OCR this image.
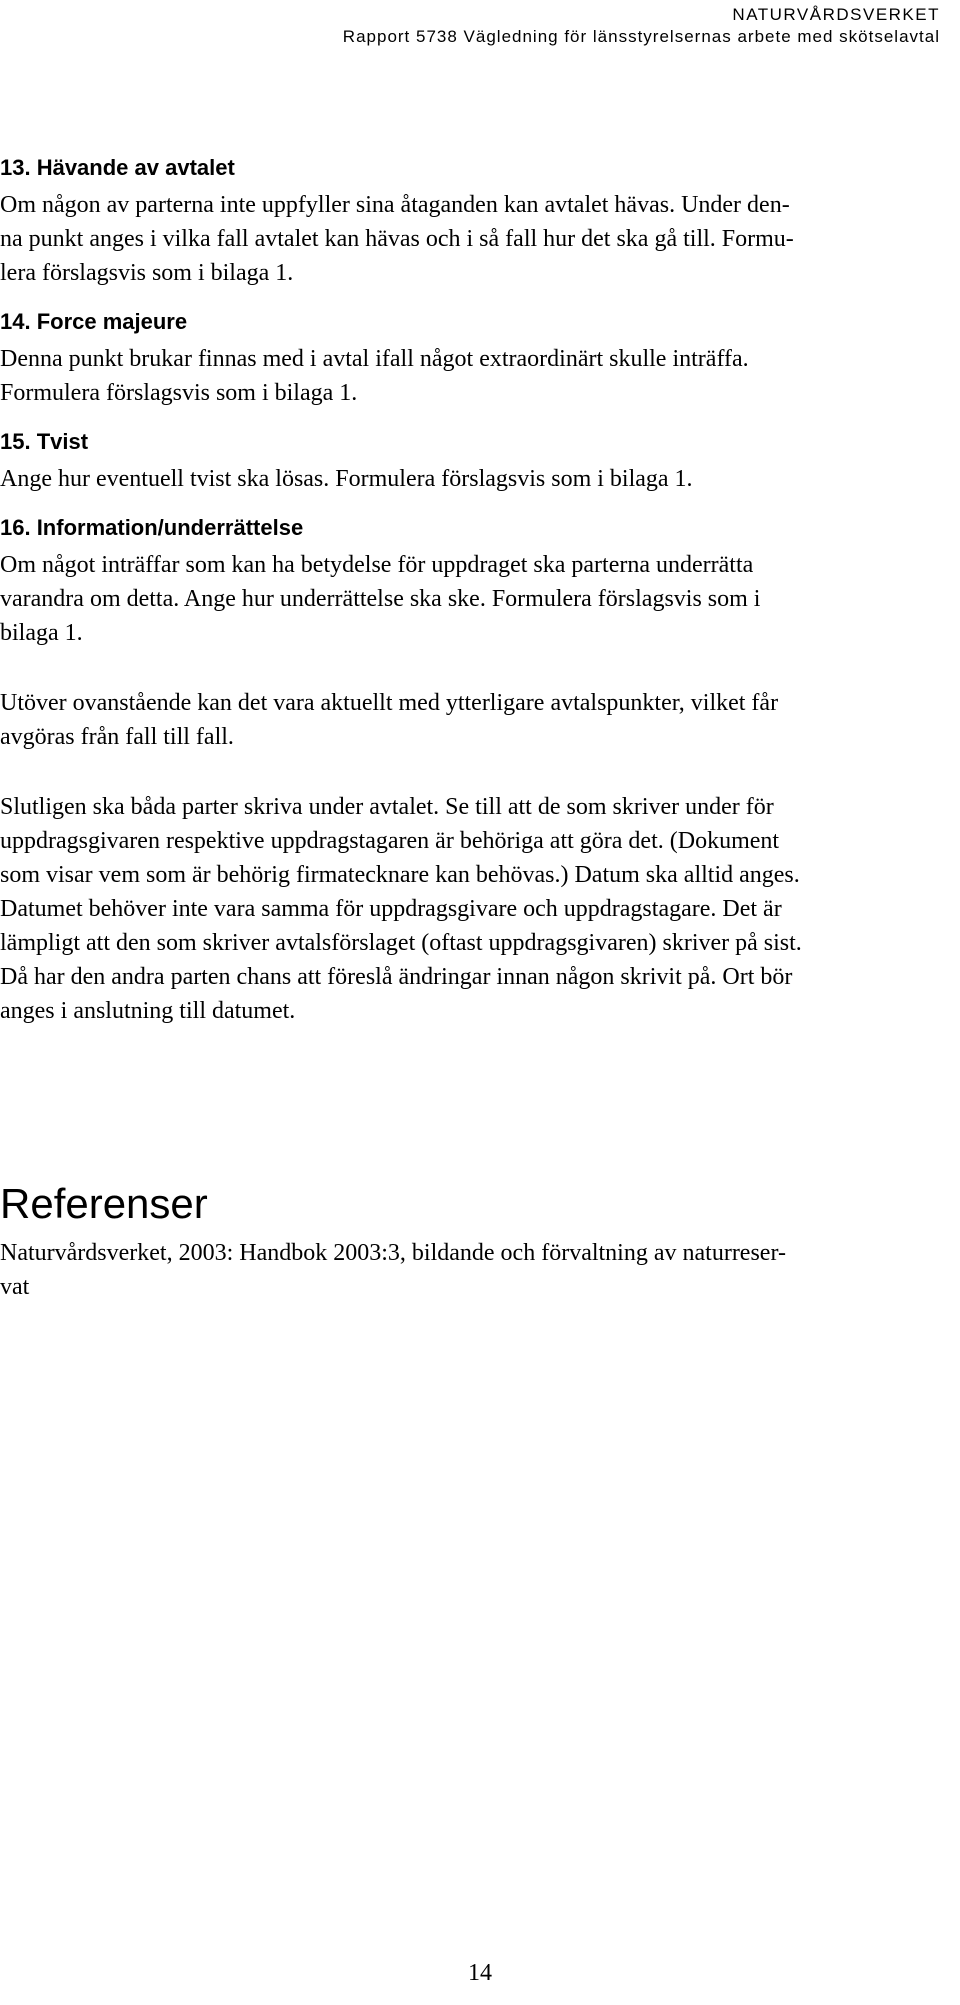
NATURVÅRDSVERKET
Rapport 5738 Vägledning för länsstyrelsernas arbete med skötselavtal
13. Hävande av avtalet

Om någon av parterna inte uppfyller sina åtaganden kan avtalet hävas. Under den-
na punkt anges i vilka fall avtalet kan hävas och i så fall hur det ska gå till. Formu-
lera förslagsvis som i bilaga 1.

14. Force majeure

Denna punkt brukar finnas med i avtal ifall något extraordinärt skulle inträffa.
Formulera förslagsvis som i bilaga 1.

15. Tvist

Ange hur eventuell tvist ska lösas. Formulera förslagsvis som i bilaga 1.

16. Information/underrättelse

Om något inträffar som kan ha betydelse för uppdraget ska parterna underrätta
varandra om detta. Ange hur underrättelse ska ske. Formulera förslagsvis som i
bilaga 1.

Utöver ovanstående kan det vara aktuellt med ytterligare avtalspunkter, vilket får
avgöras från fall till fall.

Slutligen ska båda parter skriva under avtalet. Se till att de som skriver under för
uppdragsgivaren respektive uppdragstagaren är behöriga att göra det. (Dokument
som visar vem som är behörig firmatecknare kan behövas.) Datum ska alltid anges.
Datumet behöver inte vara samma för uppdragsgivare och uppdragstagare. Det är
lämpligt att den som skriver avtalsförslaget (oftast uppdragsgivaren) skriver på sist.
Då har den andra parten chans att föreslå ändringar innan någon skrivit på. Ort bör
anges i anslutning till datumet.

Referenser

Naturvårdsverket, 2003: Handbok 2003:3, bildande och förvaltning av naturreser-
vat

14
